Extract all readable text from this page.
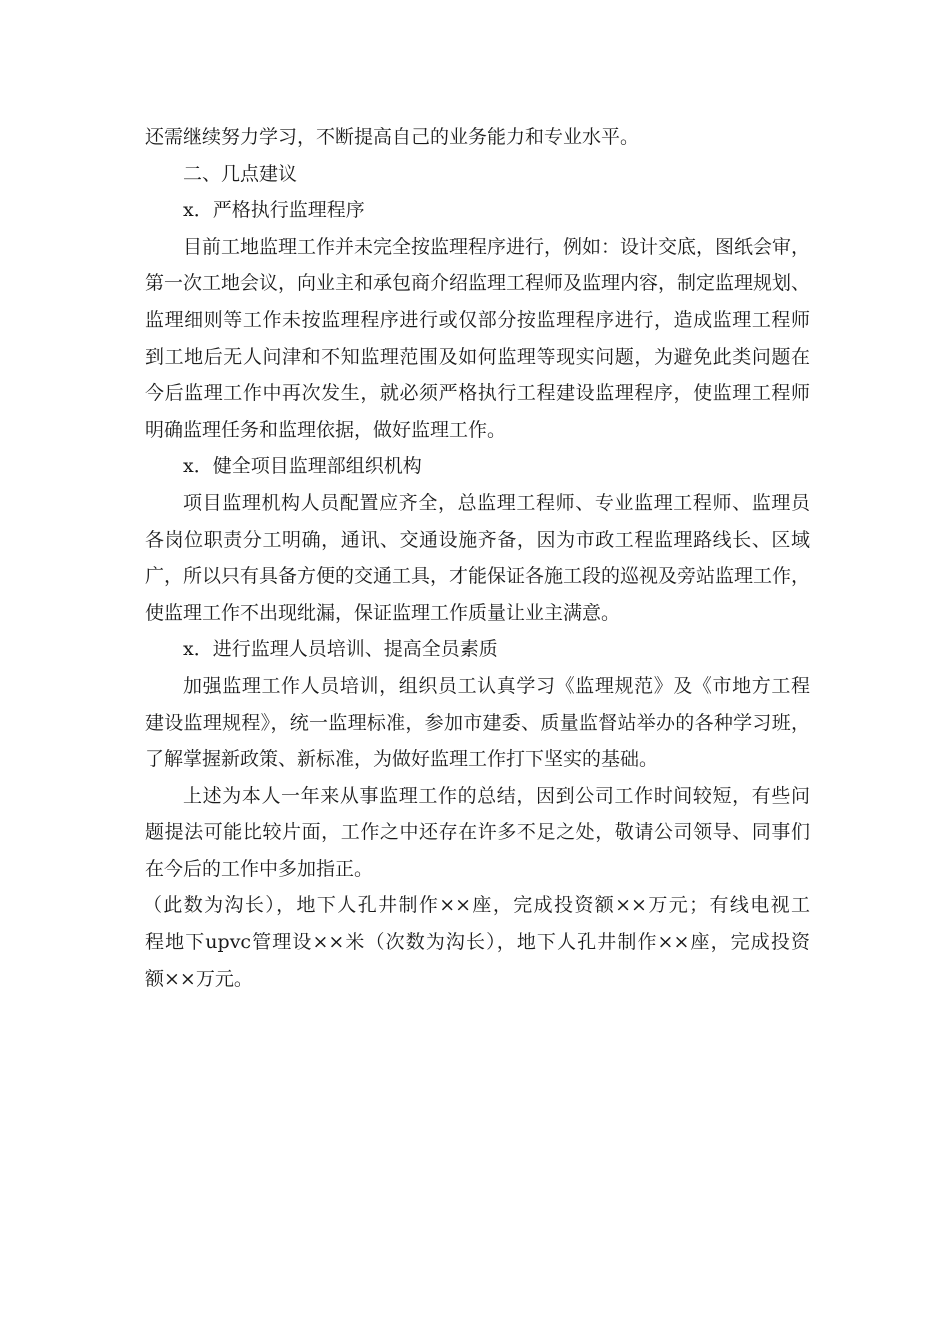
还需继续努力学习，不断提高自己的业务能力和专业水平。
二、几点建议
x．严格执行监理程序
目前工地监理工作并未完全按监理程序进行，例如：设计交底，图纸会审，
第一次工地会议，向业主和承包商介绍监理工程师及监理内容，制定监理规划、
监理细则等工作未按监理程序进行或仅部分按监理程序进行，造成监理工程师
到工地后无人问津和不知监理范围及如何监理等现实问题，为避免此类问题在
今后监理工作中再次发生，就必须严格执行工程建设监理程序，使监理工程师
明确监理任务和监理依据，做好监理工作。
x．健全项目监理部组织机构
项目监理机构人员配置应齐全，总监理工程师、专业监理工程师、监理员
各岗位职责分工明确，通讯、交通设施齐备，因为市政工程监理路线长、区域
广，所以只有具备方便的交通工具，才能保证各施工段的巡视及旁站监理工作，
使监理工作不出现纰漏，保证监理工作质量让业主满意。
x．进行监理人员培训、提高全员素质
加强监理工作人员培训，组织员工认真学习《监理规范》及《市地方工程
建设监理规程》，统一监理标准，参加市建委、质量监督站举办的各种学习班，
了解掌握新政策、新标准，为做好监理工作打下坚实的基础。
上述为本人一年来从事监理工作的总结，因到公司工作时间较短，有些问
题提法可能比较片面，工作之中还存在许多不足之处，敬请公司领导、同事们
在今后的工作中多加指正。
（此数为沟长），地下人孔井制作××座，完成投资额××万元；有线电视工
程地下upvc管理设××米（次数为沟长），地下人孔井制作××座，完成投资
额××万元。
